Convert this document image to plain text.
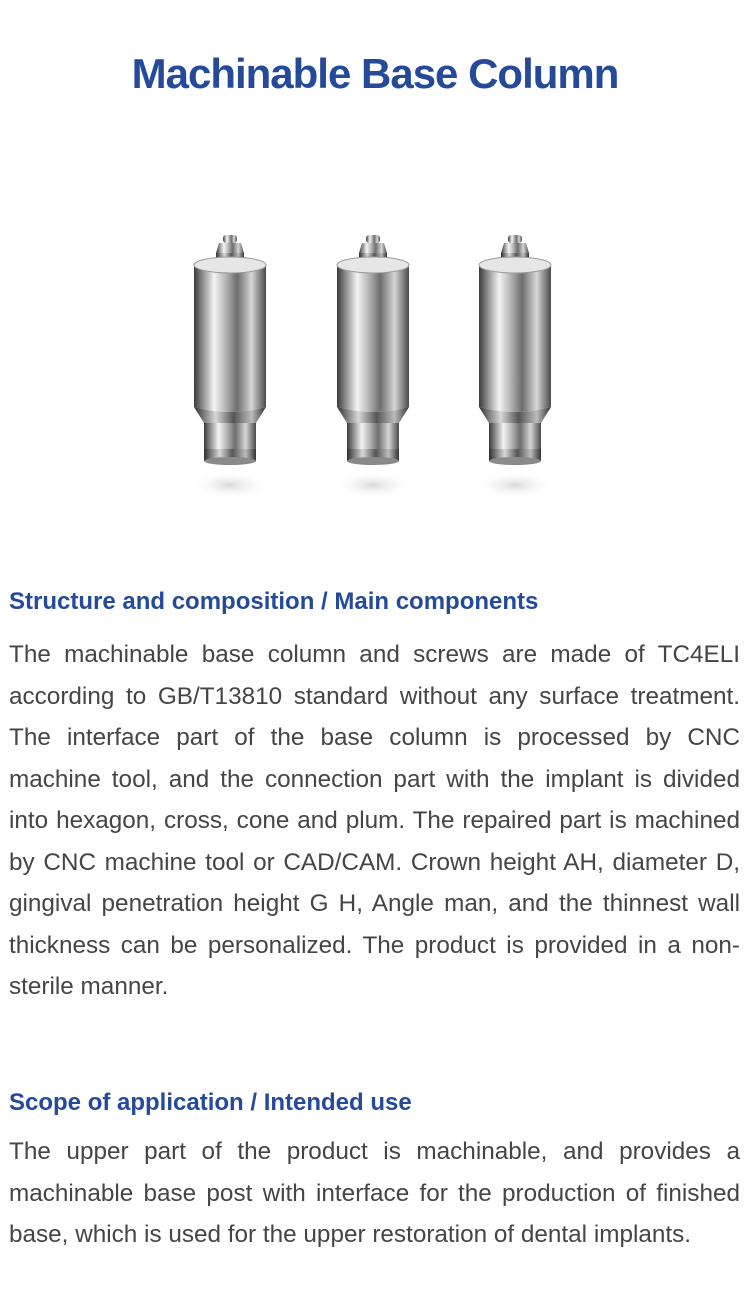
Machinable Base Column
Structure and composition / Main components

The machinable base column and screws are made of TC4ELI according to GB/T13810 standard without any surface treatment. The interface part of the base column is processed by CNC machine tool, and the connection part with the implant is divided into hexagon, cross, cone and plum. The repaired part is machined by CNC machine tool or CAD/CAM. Crown height AH, diameter D, gingival penetration height G H, Angle man, and the thinnest wall thickness can be personalized. The product is provided in a non-sterile manner.

Scope of application / Intended use

The upper part of the product is machinable, and provides a machinable base post with interface for the production of finished base, which is used for the upper restoration of dental implants.
